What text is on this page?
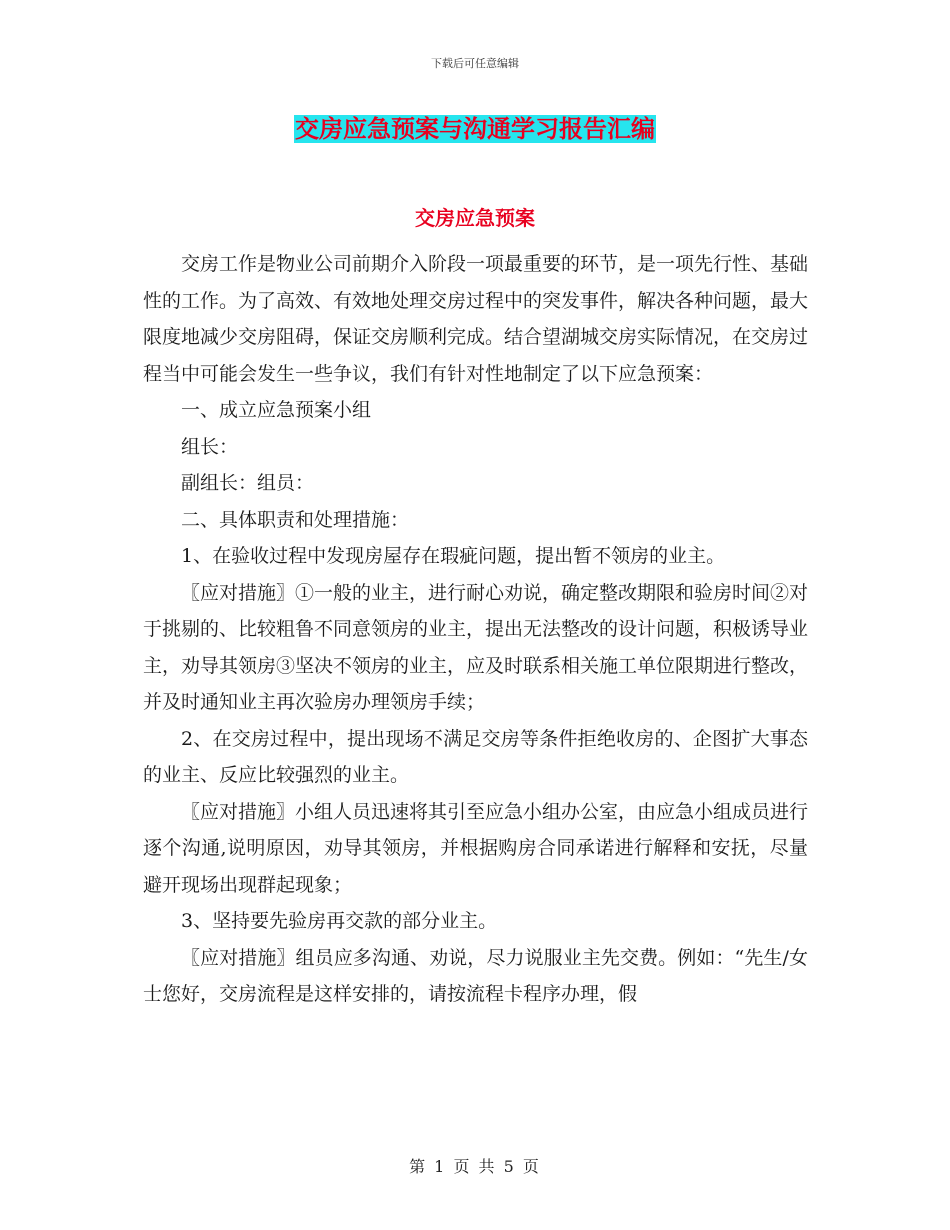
下载后可任意编辑
交房应急预案与沟通学习报告汇编
交房应急预案

交房工作是物业公司前期介入阶段一项最重要的环节，是一项先行性、基础性的工作。为了高效、有效地处理交房过程中的突发事件，解决各种问题，最大限度地减少交房阻碍，保证交房顺利完成。结合望湖城交房实际情况，在交房过程当中可能会发生一些争议，我们有针对性地制定了以下应急预案：

一、成立应急预案小组

组长：

副组长：组员：

二、具体职责和处理措施：

1、在验收过程中发现房屋存在瑕疵问题，提出暂不领房的业主。

〖应对措施〗①一般的业主，进行耐心劝说，确定整改期限和验房时间②对于挑剔的、比较粗鲁不同意领房的业主，提出无法整改的设计问题，积极诱导业主，劝导其领房③坚决不领房的业主，应及时联系相关施工单位限期进行整改，并及时通知业主再次验房办理领房手续；

2、在交房过程中，提出现场不满足交房等条件拒绝收房的、企图扩大事态的业主、反应比较强烈的业主。

〖应对措施〗小组人员迅速将其引至应急小组办公室，由应急小组成员进行逐个沟通,说明原因，劝导其领房，并根据购房合同承诺进行解释和安抚，尽量避开现场出现群起现象；

3、坚持要先验房再交款的部分业主。

〖应对措施〗组员应多沟通、劝说，尽力说服业主先交费。例如：“先生/女士您好，交房流程是这样安排的，请按流程卡程序办理，假

第 1 页 共 5 页
